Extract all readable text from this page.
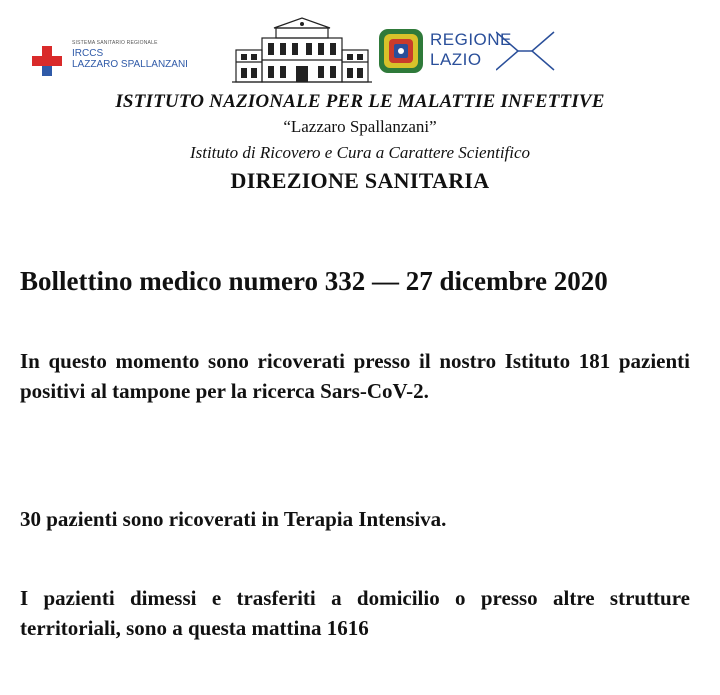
SISTEMA SANITARIO REGIONALE
IRCCS
LAZZARO SPALLANZANI
REGIONE
LAZIO
ISTITUTO NAZIONALE PER LE MALATTIE INFETTIVE
“Lazzaro Spallanzani”
Istituto di Ricovero e Cura a Carattere Scientifico
DIREZIONE SANITARIA
Bollettino medico numero 332 — 27 dicembre 2020
In questo momento sono ricoverati presso il nostro Istituto 181 pazienti positivi al tampone per la ricerca Sars-CoV-2.
30 pazienti sono ricoverati in Terapia Intensiva.
I pazienti dimessi e trasferiti a domicilio o presso altre strutture territoriali, sono a questa mattina 1616
